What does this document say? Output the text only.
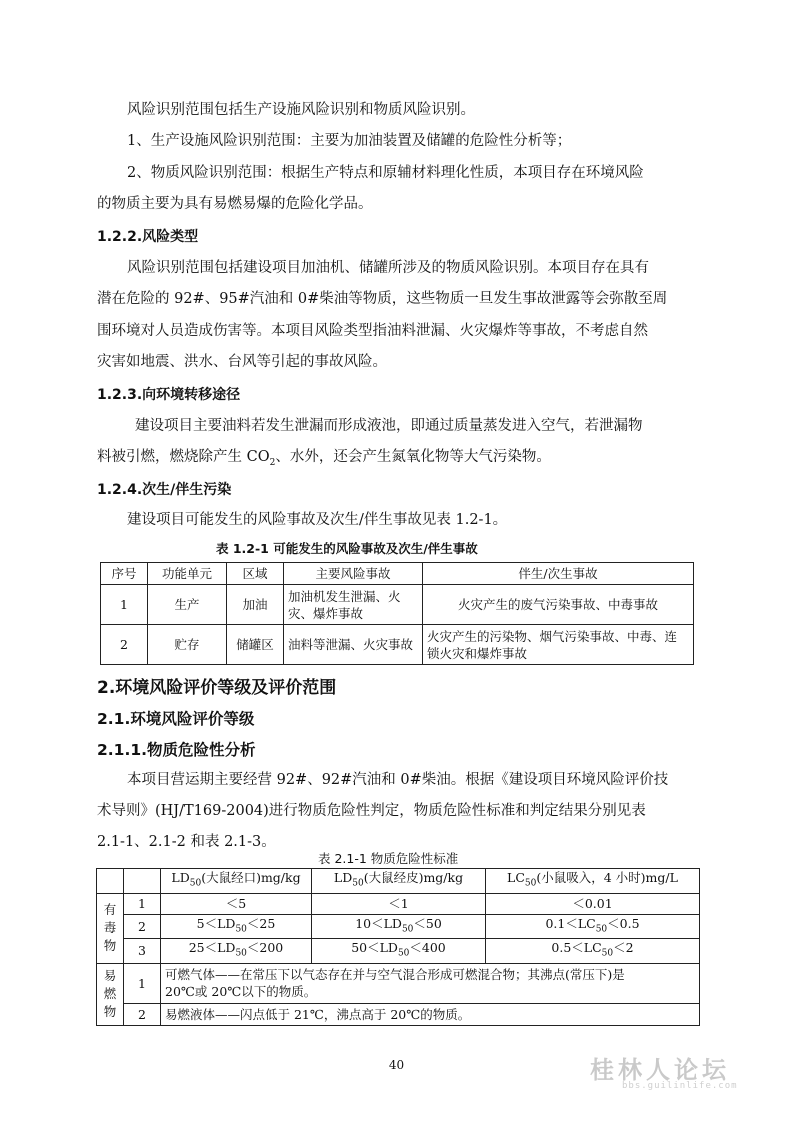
风险识别范围包括生产设施风险识别和物质风险识别。
1、生产设施风险识别范围：主要为加油装置及储罐的危险性分析等；
2、物质风险识别范围：根据生产特点和原辅材料理化性质，本项目存在环境风险
的物质主要为具有易燃易爆的危险化学品。
1.2.2.风险类型
风险识别范围包括建设项目加油机、储罐所涉及的物质风险识别。本项目存在具有
潜在危险的 92#、95#汽油和 0#柴油等物质，这些物质一旦发生事故泄露等会弥散至周
围环境对人员造成伤害等。本项目风险类型指油料泄漏、火灾爆炸等事故，不考虑自然
灾害如地震、洪水、台风等引起的事故风险。
1.2.3.向环境转移途径
建设项目主要油料若发生泄漏而形成液池，即通过质量蒸发进入空气，若泄漏物
料被引燃，燃烧除产生 $CO_2$、水外，还会产生氮氧化物等大气污染物。
1.2.4.次生/伴生污染
建设项目可能发生的风险事故及次生/伴生事故见表 1.2-1。
表 1.2-1 可能发生的风险事故及次生/伴生事故
序号	功能单元	区域	主要风险事故	伴生/次生事故
1	生产	加油	加油机发生泄漏、火灾、爆炸事故	火灾产生的废气污染事故、中毒事故
2	贮存	储罐区	油料等泄漏、火灾事故	火灾产生的污染物、烟气污染事故、中毒、连锁火灾和爆炸事故
2.环境风险评价等级及评价范围
2.1.环境风险评价等级
2.1.1.物质危险性分析
本项目营运期主要经营 92#、92#汽油和 0#柴油。根据《建设项目环境风险评价技
术导则》(HJ/T169-2004)进行物质危险性判定，物质危险性标准和判定结果分别见表
2.1-1、2.1-2 和表 2.1-3。
表 2.1-1 物质危险性标准
		$LD_{50}$(大鼠经口)mg/kg	$LD_{50}$(大鼠经皮)mg/kg	$LC_{50}$(小鼠吸入，4 小时)mg/L
有毒物	1	＜5	＜1	＜0.01
	2	$5<LD_{50}<25$	$10<LD_{50}<50$	$0.1<LC_{50}<0.5$
	3	$25<LD_{50}<200$	$50<LD_{50}<400$	$0.5<LC_{50}<2$
易燃物	1	可燃气体——在常压下以气态存在并与空气混合形成可燃混合物；其沸点(常压下)是
20℃或 20℃以下的物质。		

	2	易燃液体——闪点低于 21℃，沸点高于 20℃的物质。		
40	桂林人论坛
bbs.guilinlife.com
